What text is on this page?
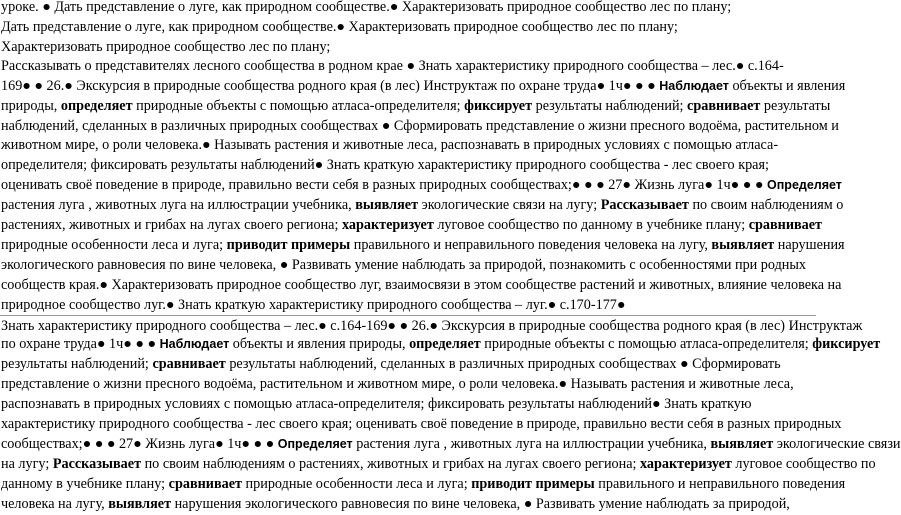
уроке. ● Дать представление о луге, как природном сообществе.● Характеризовать природное сообщество лес по плану;
Дать представление о луге, как природном сообществе.● Характеризовать природное сообщество лес по плану;
Характеризовать природное сообщество лес по плану;
Рассказывать о представителях лесного сообщества в родном крае ● Знать характеристику природного сообщества – лес.● с.164-
169● ● 26.● Экскурсия в природные сообщества родного края (в лес) Инструктаж по охране труда● 1ч● ● ● Наблюдает объекты и явления
природы, определяет природные объекты с помощью атласа-определителя; фиксирует результаты наблюдений; сравнивает результаты
наблюдений, сделанных в различных природных сообществах ● Сформировать представление о жизни пресного водоёма, растительном и
животном мире, о роли человека.● Называть растения и животные леса, распознавать в природных условиях с помощью атласа-
определителя; фиксировать результаты наблюдений● Знать краткую характеристику природного сообщества - лес своего края;
оценивать своё поведение в природе, правильно вести себя в разных природных сообществах;● ● ● 27● Жизнь луга● 1ч● ● ● Определяет
растения луга , животных луга на иллюстрации учебника, выявляет экологические связи на лугу; Рассказывает по своим наблюдениям о
растениях, животных и грибах на лугах своего региона; характеризует луговое сообщество по данному в учебнике плану; сравнивает
природные особенности леса и луга; приводит примеры правильного и неправильного поведения человека на лугу, выявляет нарушения
экологического равновесия по вине человека, ● Развивать умение наблюдать за природой, познакомить с особенностями при родных
сообществ края.● Характеризовать природное сообщество луг, взаимосвязи в этом сообществе растений и животных, влияние человека на
природное сообщество луг.● Знать краткую характеристику природного сообщества – луг.● с.170-177●
Знать характеристику природного сообщества – лес.● с.164-169● ● 26.● Экскурсия в природные сообщества родного края (в лес) Инструктаж
по охране труда● 1ч● ● ● Наблюдает объекты и явления природы, определяет природные объекты с помощью атласа-определителя; фиксирует
результаты наблюдений; сравнивает результаты наблюдений, сделанных в различных природных сообществах ● Сформировать
представление о жизни пресного водоёма, растительном и животном мире, о роли человека.● Называть растения и животные леса,
распознавать в природных условиях с помощью атласа-определителя; фиксировать результаты наблюдений● Знать краткую
характеристику природного сообщества - лес своего края; оценивать своё поведение в природе, правильно вести себя в разных природных
сообществах;● ● ● 27● Жизнь луга● 1ч● ● ● Определяет растения луга , животных луга на иллюстрации учебника, выявляет экологические связи
на лугу; Рассказывает по своим наблюдениям о растениях, животных и грибах на лугах своего региона; характеризует луговое сообщество по
данному в учебнике плану; сравнивает природные особенности леса и луга; приводит примеры правильного и неправильного поведения
человека на лугу, выявляет нарушения экологического равновесия по вине человека, ● Развивать умение наблюдать за природой,
